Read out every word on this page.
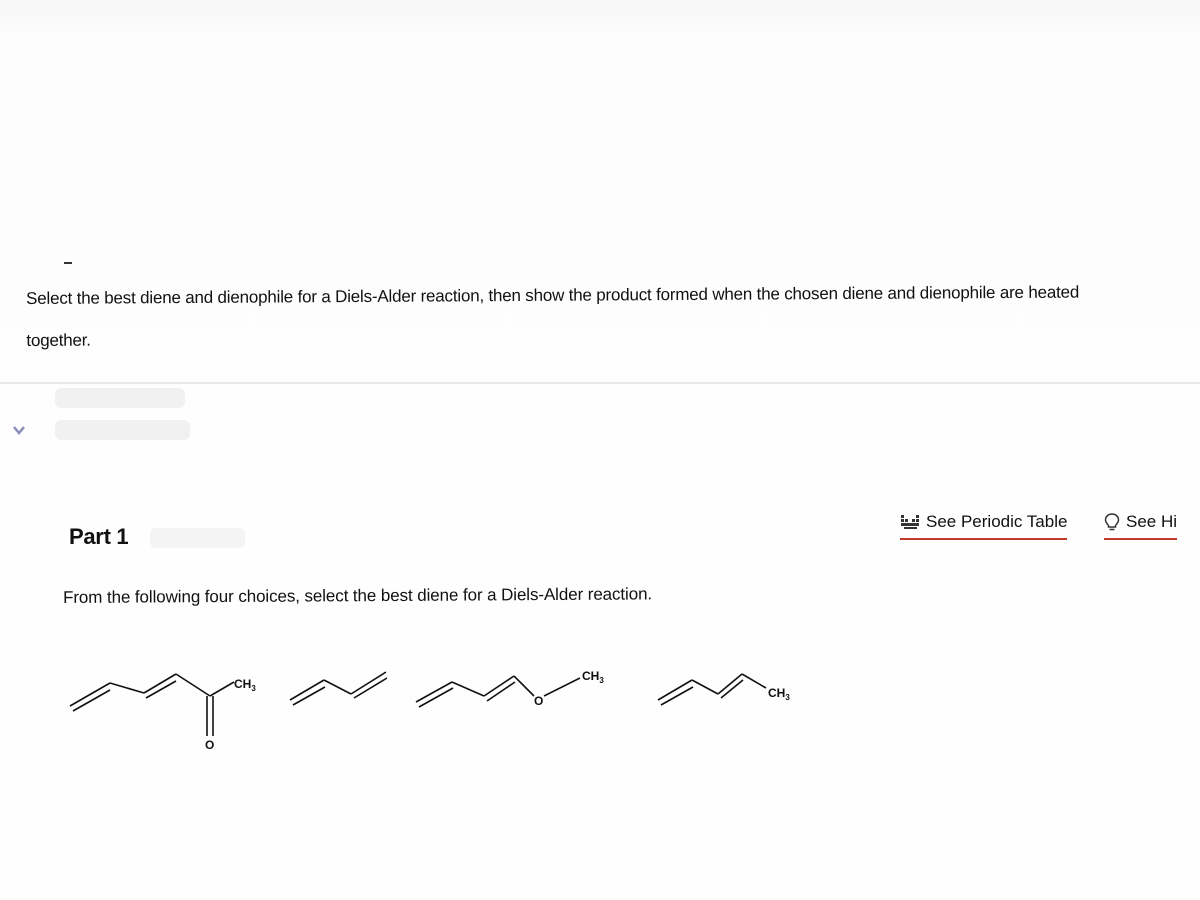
Select the best diene and dienophile for a Diels-Alder reaction, then show the product formed when the chosen diene and dienophile are heated
together.
Part 1
See Periodic Table	See Hi
From the following four choices, select the best diene for a Diels-Alder reaction.
$CH_3$
O
O
$CH_3$
$CH_3$
